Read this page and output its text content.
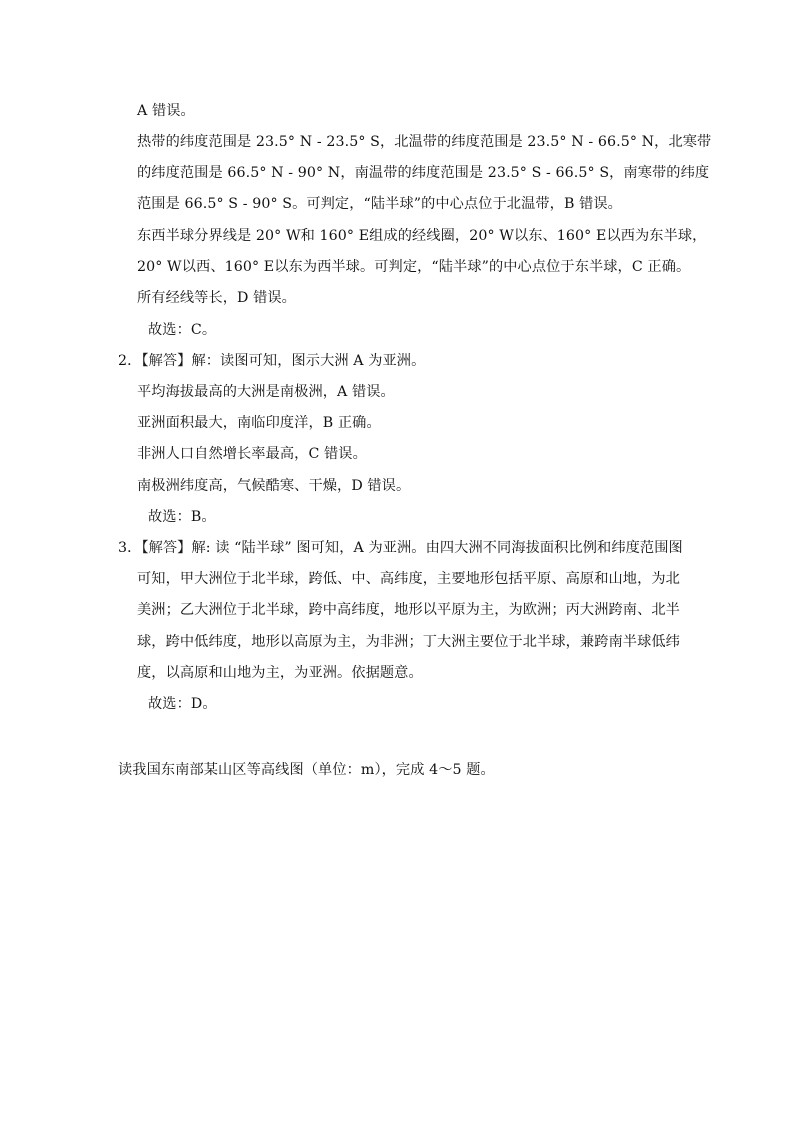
A 错误。
热带的纬度范围是 23.5° N - 23.5° S，北温带的纬度范围是 23.5° N - 66.5° N，北寒带
的纬度范围是 66.5° N - 90° N，南温带的纬度范围是 23.5° S - 66.5° S，南寒带的纬度
范围是 66.5° S - 90° S。可判定，“陆半球”的中心点位于北温带，B 错误。
东西半球分界线是 20° W和 160° E组成的经线圈，20° W以东、160° E以西为东半球，
20° W以西、160° E以东为西半球。可判定，“陆半球”的中心点位于东半球，C 正确。
所有经线等长，D 错误。
故选：C。
2．【解答】解：读图可知，图示大洲 A 为亚洲。
平均海拔最高的大洲是南极洲，A 错误。
亚洲面积最大，南临印度洋，B 正确。
非洲人口自然增长率最高，C 错误。
南极洲纬度高，气候酷寒、干燥，D 错误。
故选：B。
3．【解答】解: 读 “陆半球” 图可知，A 为亚洲。由四大洲不同海拔面积比例和纬度范围图
可知，甲大洲位于北半球，跨低、中、高纬度，主要地形包括平原、高原和山地，为北
美洲；乙大洲位于北半球，跨中高纬度，地形以平原为主，为欧洲；丙大洲跨南、北半
球，跨中低纬度，地形以高原为主，为非洲；丁大洲主要位于北半球，兼跨南半球低纬
度，以高原和山地为主，为亚洲。依据题意。
故选：D。
读我国东南部某山区等高线图（单位：m），完成 4～5 题。
